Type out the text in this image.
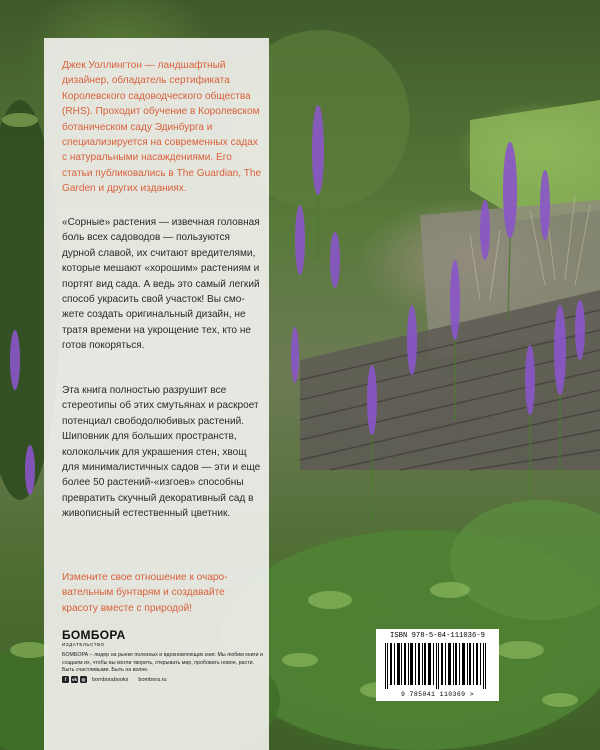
Джек Уоллингтон — ландшафтный дизайнер, обладатель сертификата Королевского садоводческого общества (RHS). Проходит обучение в Королевском ботаническом саду Эдинбурга и специализируется на современных садах с натуральными насаждениями. Его статьи публиковались в The Guardian, The Garden и других изданиях.

«Сорные» растения — извечная головная боль всех садоводов — пользуются дурной славой, их считают вредителями, которые мешают «хорошим» растениям и портят вид сада. А ведь это самый легкий способ украсить свой участок! Вы сможете создать оригинальный дизайн, не тратя времени на укрощение тех, кто не готов покоряться.

Эта книга полностью разрушит все стереотипы об этих смутьянах и раскроет потенциал свободолюбивых растений. Шиповник для больших пространств, колокольчик для украшения стен, хвощ для минималистичных садов — эти и еще более 50 растений-«изгоев» способны превратить скучный декоративный сад в живописный естественный цветник.

Измените свое отношение к очаровательным бунтарям и создавайте красоту вместе с природой!

БОМБОРА
ИЗДАТЕЛЬСТВО

БОМБОРА – лидер на рынке полезных и вдохновляющих книг. Мы любим книги и создаем их, чтобы вы могли творить, открывать мир, пробовать новое, расти. Быть счастливыми. Быть на волне.

f	vk	◎ bomborabooks bombora.ru
ISBN 978-5-04-111036-9
9 785041 110369 >
